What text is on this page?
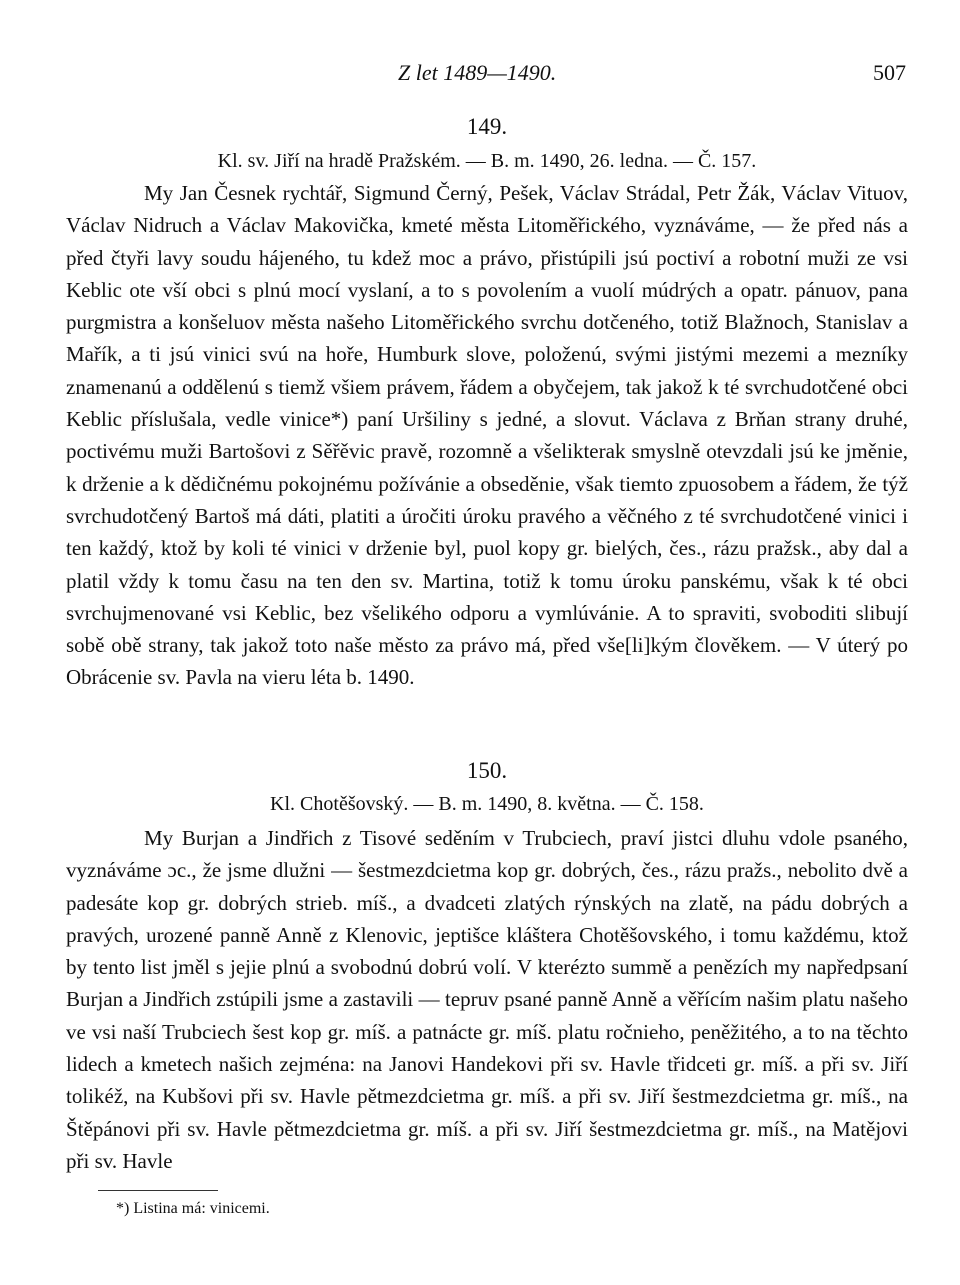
Z let 1489—1490.	507
149.
Kl. sv. Jiří na hradě Pražském. — B. m. 1490, 26. ledna. — Č. 157.

My Jan Česnek rychtář, Sigmund Černý, Pešek, Václav Strádal, Petr Žák, Václav Vituov, Václav Nidruch a Václav Makovička, kmeté města Litoměřického, vyznáváme, — že před nás a před čtyři lavy soudu hájeného, tu kdež moc a právo, přistúpili jsú poctiví a robotní muži ze vsi Keblic ote vší obci s plnú mocí vyslaní, a to s povolením a vuolí múdrých a opatr. pánuov, pana purgmistra a konšeluov města našeho Litoměřického svrchu dotčeného, totiž Blažnoch, Stanislav a Mařík, a ti jsú vinici svú na hoře, Humburk slove, položenú, svými jistými mezemi a mezníky znamenanú a oddělenú s tiemž všiem právem, řádem a obyčejem, tak jakož k té svrchudotčené obci Keblic příslušala, vedle vinice*) paní Uršiliny s jedné, a slovut. Václava z Brňan strany druhé, poctivému muži Bartošovi z Sěřěvic pravě, rozomně a všelikterak smyslně otevzdali jsú ke jměnie, k drženie a k dědičnému pokojnému požívánie a obseděnie, však tiemto zpuosobem a řádem, že týž svrchudotčený Bartoš má dáti, platiti a úročiti úroku pravého a věčného z té svrchudotčené vinici i ten každý, ktož by koli té vinici v drženie byl, puol kopy gr. bielých, čes., rázu pražsk., aby dal a platil vždy k tomu času na ten den sv. Martina, totiž k tomu úroku panskému, však k té obci svrchujmenované vsi Keblic, bez všelikého odporu a vymlúvánie. A to spraviti, svoboditi slibují sobě obě strany, tak jakož toto naše město za právo má, před vše[li]kým člověkem. — V úterý po Obrácenie sv. Pavla na vieru léta b. 1490.

150.
Kl. Chotěšovský. — B. m. 1490, 8. května. — Č. 158.

My Burjan a Jindřich z Tisové seděním v Trubciech, praví jistci dluhu vdole psaného, vyznáváme ɔc., že jsme dlužni — šestmezdcietma kop gr. dobrých, čes., rázu pražs., nebolito dvě a padesáte kop gr. dobrých strieb. míš., a dvadceti zlatých rýnských na zlatě, na pádu dobrých a pravých, urozené panně Anně z Klenovic, jeptišce kláštera Chotěšovského, i tomu každému, ktož by tento list jměl s jejie plnú a svobodnú dobrú volí. V kterézto summě a penězích my napředpsaní Burjan a Jindřich zstúpili jsme a zastavili — tepruv psané panně Anně a věřícím našim platu našeho ve vsi naší Trubciech šest kop gr. míš. a patnácte gr. míš. platu ročnieho, peněžitého, a to na těchto lidech a kmetech našich zejména: na Janovi Handekovi při sv. Havle třidceti gr. míš. a při sv. Jiří tolikéž, na Kubšovi při sv. Havle pětmezdcietma gr. míš. a při sv. Jiří šestmezdcietma gr. míš., na Štěpánovi při sv. Havle pětmezdcietma gr. míš. a při sv. Jiří šestmezdcietma gr. míš., na Matějovi při sv. Havle

*) Listina má: vinicemi.
